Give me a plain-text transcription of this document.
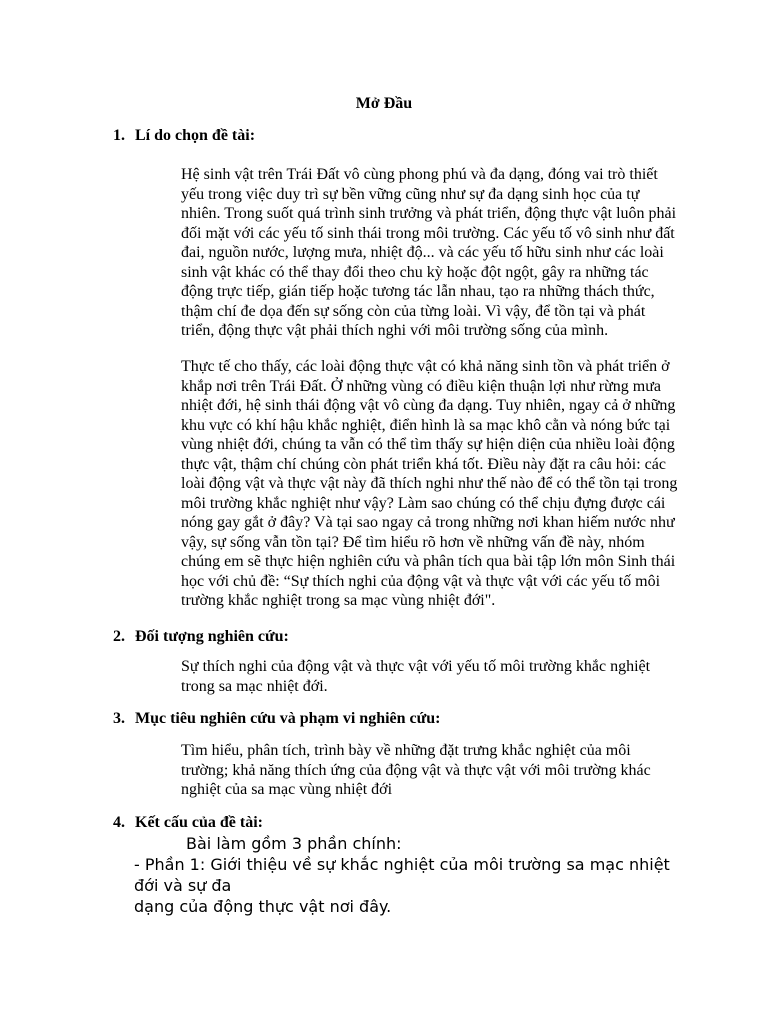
Mở Đầu
1. Lí do chọn đề tài:
Hệ sinh vật trên Trái Đất vô cùng phong phú và đa dạng, đóng vai trò thiết yếu trong việc duy trì sự bền vững cũng như sự đa dạng sinh học của tự nhiên. Trong suốt quá trình sinh trưởng và phát triển, động thực vật luôn phải đối mặt với các yếu tố sinh thái trong môi trường. Các yếu tố vô sinh như đất đai, nguồn nước, lượng mưa, nhiệt độ... và các yếu tố hữu sinh như các loài sinh vật khác có thể thay đổi theo chu kỳ hoặc đột ngột, gây ra những tác động trực tiếp, gián tiếp hoặc tương tác lẫn nhau, tạo ra những thách thức, thậm chí đe dọa đến sự sống còn của từng loài. Vì vậy, để tồn tại và phát triển, động thực vật phải thích nghi với môi trường sống của mình.
Thực tế cho thấy, các loài động thực vật có khả năng sinh tồn và phát triển ở khắp nơi trên Trái Đất. Ở những vùng có điều kiện thuận lợi như rừng mưa nhiệt đới, hệ sinh thái động vật vô cùng đa dạng. Tuy nhiên, ngay cả ở những khu vực có khí hậu khắc nghiệt, điển hình là sa mạc khô cằn và nóng bức tại vùng nhiệt đới, chúng ta vẫn có thể tìm thấy sự hiện diện của nhiều loài động thực vật, thậm chí chúng còn phát triển khá tốt. Điều này đặt ra câu hỏi: các loài động vật và thực vật này đã thích nghi như thế nào để có thể tồn tại trong môi trường khắc nghiệt như vậy? Làm sao chúng có thể chịu đựng được cái nóng gay gắt ở đây? Và tại sao ngay cả trong những nơi khan hiếm nước như vậy, sự sống vẫn tồn tại? Để tìm hiểu rõ hơn về những vấn đề này, nhóm chúng em sẽ thực hiện nghiên cứu và phân tích qua bài tập lớn môn Sinh thái học với chủ đề: “Sự thích nghi của động vật và thực vật với các yếu tố môi trường khắc nghiệt trong sa mạc vùng nhiệt đới".
2. Đối tượng nghiên cứu:
Sự thích nghi của động vật và thực vật với yếu tố môi trường khắc nghiệt trong sa mạc nhiệt đới.
3. Mục tiêu nghiên cứu và phạm vi nghiên cứu:
Tìm hiểu, phân tích, trình bày về những đặt trưng khắc nghiệt của môi trường; khả năng thích ứng của động vật và thực vật với môi trường khác nghiệt của sa mạc vùng nhiệt đới
4. Kết cấu của đề tài:
Bài làm gồm 3 phần chính:
- Phần 1: Giới thiệu về sự khắc nghiệt của môi trường sa mạc nhiệt đới và sự đa
dạng của động thực vật nơi đây.
